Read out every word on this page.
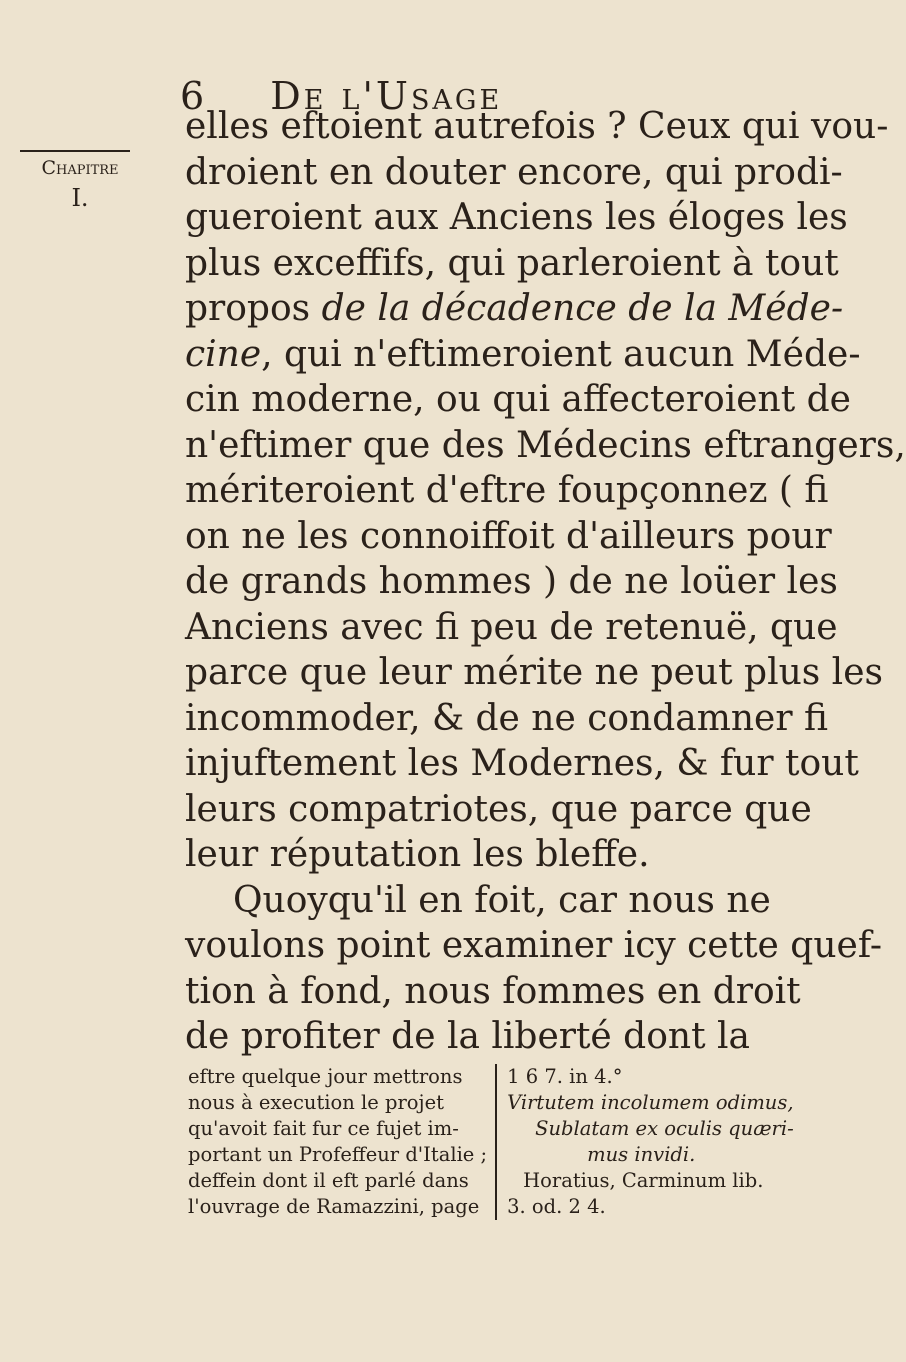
6 De l'Usage
Chapitre
I.
elles eftoient autrefois ? Ceux qui vou-
droient en douter encore, qui prodi-
gueroient aux Anciens les éloges les
plus exceffifs, qui parleroient à tout
propos de la décadence de la Méde-
cine, qui n'eftimeroient aucun Méde-
cin moderne, ou qui affecteroient de
n'eftimer que des Médecins eftrangers,
mériteroient d'eftre foupçonnez ( fi
on ne les connoiffoit d'ailleurs pour
de grands hommes ) de ne loüer les
Anciens avec fi peu de retenuë, que
parce que leur mérite ne peut plus les
incommoder, & de ne condamner fi
injuftement les Modernes, & fur tout
leurs compatriotes, que parce que
leur réputation les bleffe.
Quoyqu'il en foit, car nous ne
voulons point examiner icy cette quef-
tion à fond, nous fommes en droit
de profiter de la liberté dont la
eftre quelque jour mettrons
nous à execution le projet
qu'avoit fait fur ce fujet im-
portant un Profeffeur d'Italie ;
deffein dont il eft parlé dans
l'ouvrage de Ramazzini, page
1 6 7. in 4.°
Virtutem incolumem odimus,
Sublatam ex oculis quæri-
mus invidi.
Horatius, Carminum lib.
3. od. 2 4.
